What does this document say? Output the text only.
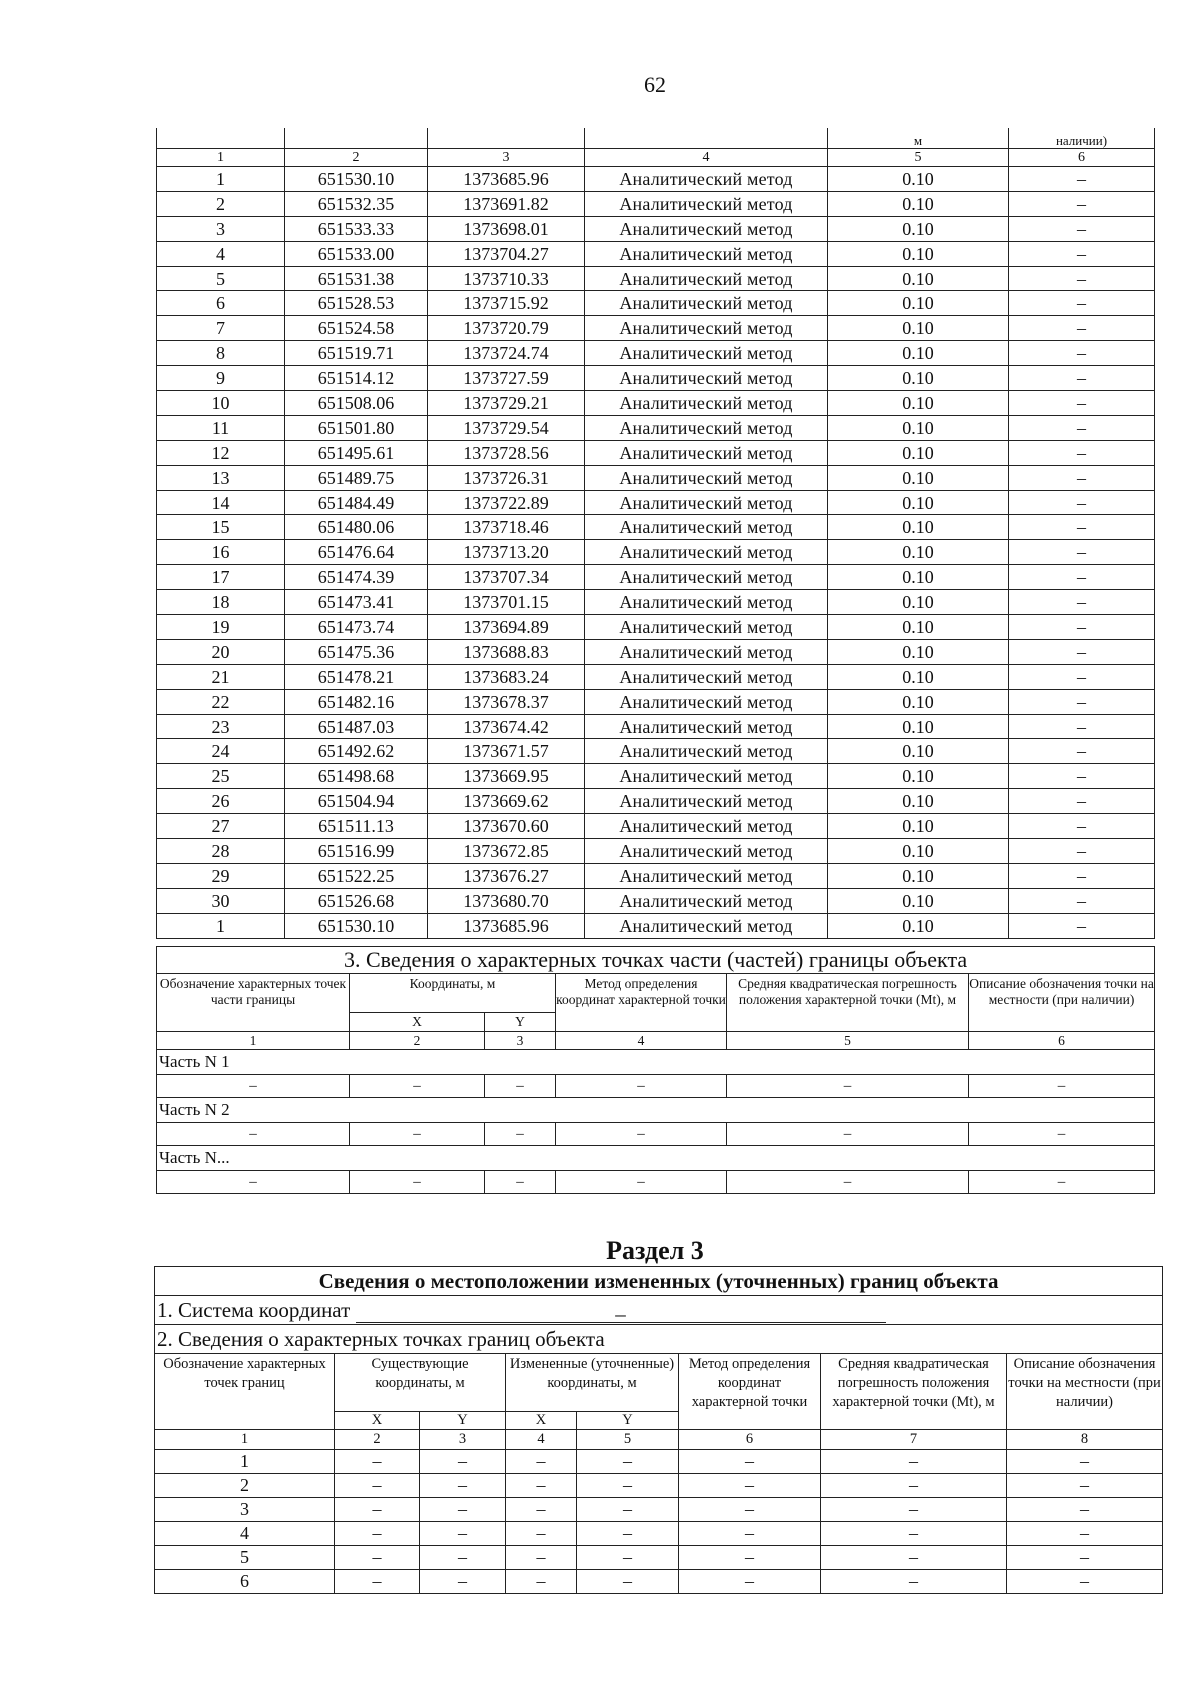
62
				м	наличии)
1	2	3	4	5	6
1	651530.10	1373685.96	Аналитический метод	0.10	–
2	651532.35	1373691.82	Аналитический метод	0.10	–
3	651533.33	1373698.01	Аналитический метод	0.10	–
4	651533.00	1373704.27	Аналитический метод	0.10	–
5	651531.38	1373710.33	Аналитический метод	0.10	–
6	651528.53	1373715.92	Аналитический метод	0.10	–
7	651524.58	1373720.79	Аналитический метод	0.10	–
8	651519.71	1373724.74	Аналитический метод	0.10	–
9	651514.12	1373727.59	Аналитический метод	0.10	–
10	651508.06	1373729.21	Аналитический метод	0.10	–
11	651501.80	1373729.54	Аналитический метод	0.10	–
12	651495.61	1373728.56	Аналитический метод	0.10	–
13	651489.75	1373726.31	Аналитический метод	0.10	–
14	651484.49	1373722.89	Аналитический метод	0.10	–
15	651480.06	1373718.46	Аналитический метод	0.10	–
16	651476.64	1373713.20	Аналитический метод	0.10	–
17	651474.39	1373707.34	Аналитический метод	0.10	–
18	651473.41	1373701.15	Аналитический метод	0.10	–
19	651473.74	1373694.89	Аналитический метод	0.10	–
20	651475.36	1373688.83	Аналитический метод	0.10	–
21	651478.21	1373683.24	Аналитический метод	0.10	–
22	651482.16	1373678.37	Аналитический метод	0.10	–
23	651487.03	1373674.42	Аналитический метод	0.10	–
24	651492.62	1373671.57	Аналитический метод	0.10	–
25	651498.68	1373669.95	Аналитический метод	0.10	–
26	651504.94	1373669.62	Аналитический метод	0.10	–
27	651511.13	1373670.60	Аналитический метод	0.10	–
28	651516.99	1373672.85	Аналитический метод	0.10	–
29	651522.25	1373676.27	Аналитический метод	0.10	–
30	651526.68	1373680.70	Аналитический метод	0.10	–
1	651530.10	1373685.96	Аналитический метод	0.10	–
3. Сведения о характерных точках части (частей) границы объекта					
Обозначение характерных точек части границы	Координаты, м		Метод определения координат характерной точки	Средняя квадратическая погрешность положения характерной точки (Мt), м	Описание обозначения точки на местности (при наличии)
	X	Y			
1	2	3	4	5	6
Часть N 1					
–	–	–	–	–	–
Часть N 2					
–	–	–	–	–	–
Часть N...					
–	–	–	–	–	–
Раздел 3
Сведения о местоположении измененных (уточненных) границ объекта							
1. Система координат –							
2. Сведения о характерных точках границ объекта							
Обозначение характерных точек границ	Существующие координаты, м		Измененные (уточненные) координаты, м		Метод определения координат характерной точки	Средняя квадратическая погрешность положения характерной точки (Мt), м	Описание обозначения точки на местности (при наличии)
	X	Y	X	Y			
1	2	3	4	5	6	7	8
1	–	–	–	–	–	–	–
2	–	–	–	–	–	–	–
3	–	–	–	–	–	–	–
4	–	–	–	–	–	–	–
5	–	–	–	–	–	–	–
6	–	–	–	–	–	–	–
